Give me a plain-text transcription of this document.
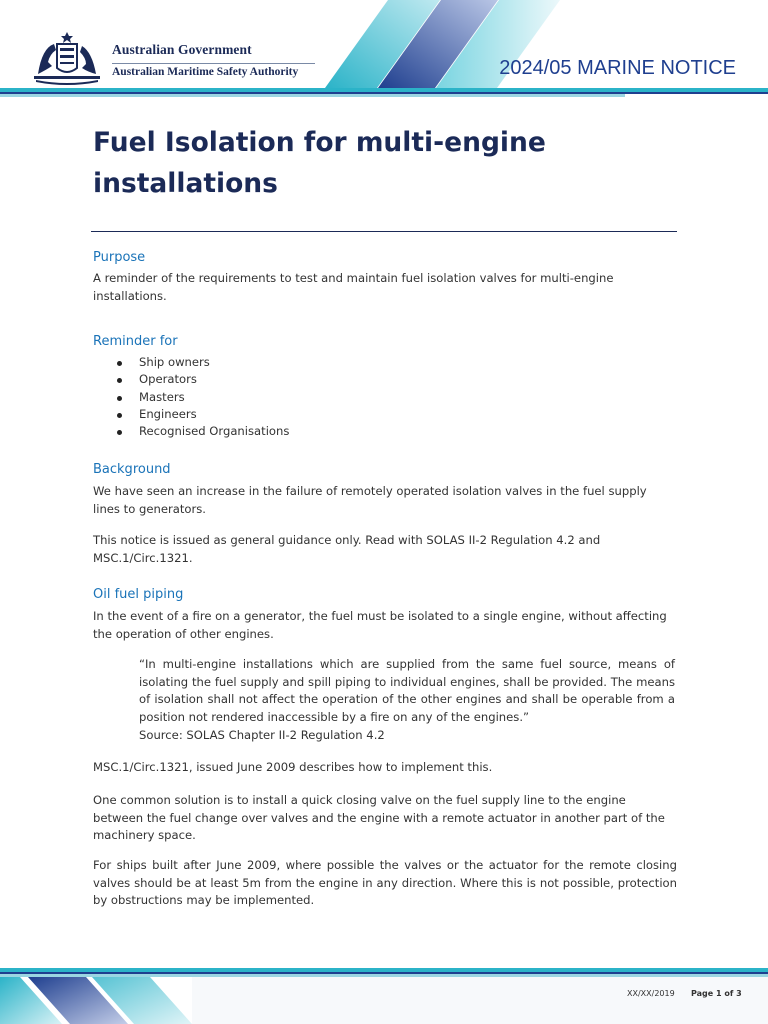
Australian Government
Australian Maritime Safety Authority	2024/05 MARINE NOTICE
Fuel Isolation for multi-engine installations
Purpose

A reminder of the requirements to test and maintain fuel isolation valves for multi-engine installations.

Reminder for
Ship owners
Operators
Masters
Engineers
Recognised Organisations
Background

We have seen an increase in the failure of remotely operated isolation valves in the fuel supply lines to generators.

This notice is issued as general guidance only. Read with SOLAS II-2 Regulation 4.2 and MSC.1/Circ.1321.

Oil fuel piping

In the event of a fire on a generator, the fuel must be isolated to a single engine, without affecting the operation of other engines.

“In multi-engine installations which are supplied from the same fuel source, means of isolating the fuel supply and spill piping to individual engines, shall be provided. The means of isolation shall not affect the operation of the other engines and shall be operable from a position not rendered inaccessible by a fire on any of the engines.”

Source: SOLAS Chapter II-2 Regulation 4.2

MSC.1/Circ.1321, issued June 2009 describes how to implement this.

One common solution is to install a quick closing valve on the fuel supply line to the engine between the fuel change over valves and the engine with a remote actuator in another part of the machinery space.

For ships built after June 2009, where possible the valves or the actuator for the remote closing valves should be at least 5m from the engine in any direction. Where this is not possible, protection by obstructions may be implemented.

XX/XX/2019 Page 1 of 3
